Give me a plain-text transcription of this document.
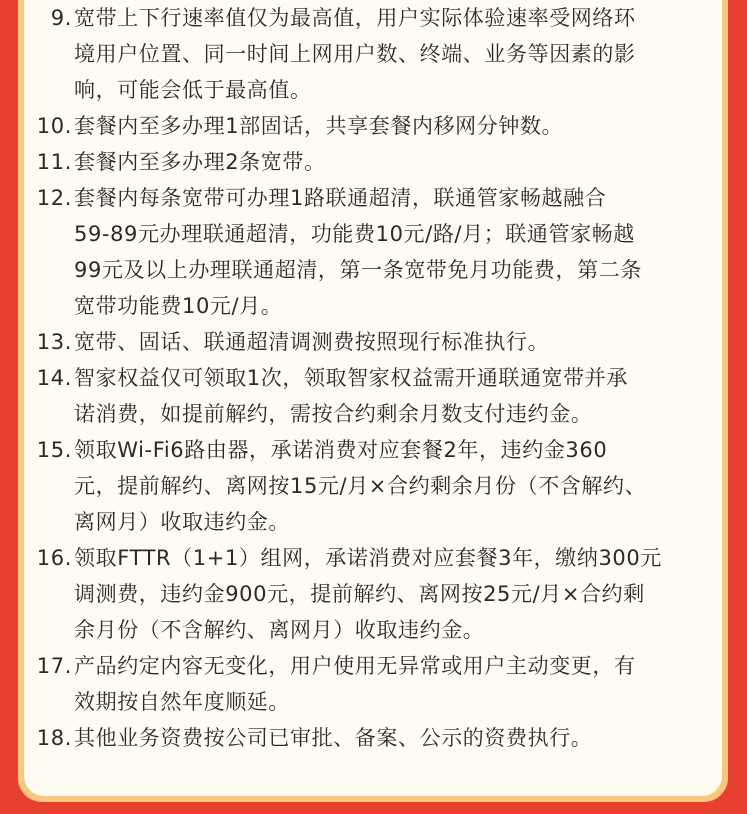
9. 宽带上下行速率值仅为最高值，用户实际体验速率受网络环
境用户位置、同一时间上网用户数、终端、业务等因素的影
响，可能会低于最高值。
10. 套餐内至多办理1部固话，共享套餐内移网分钟数。
11. 套餐内至多办理2条宽带。
12. 套餐内每条宽带可办理1路联通超清，联通管家畅越融合
59-89元办理联通超清，功能费10元/路/月；联通管家畅越
99元及以上办理联通超清，第一条宽带免月功能费，第二条
宽带功能费10元/月。
13. 宽带、固话、联通超清调测费按照现行标准执行。
14. 智家权益仅可领取1次，领取智家权益需开通联通宽带并承
诺消费，如提前解约，需按合约剩余月数支付违约金。
15. 领取Wi-Fi6路由器，承诺消费对应套餐2年，违约金360
元，提前解约、离网按15元/月×合约剩余月份（不含解约、
离网月）收取违约金。
16. 领取FTTR（1+1）组网，承诺消费对应套餐3年，缴纳300元
调测费，违约金900元，提前解约、离网按25元/月×合约剩
余月份（不含解约、离网月）收取违约金。
17. 产品约定内容无变化，用户使用无异常或用户主动变更，有
效期按自然年度顺延。
18. 其他业务资费按公司已审批、备案、公示的资费执行。
